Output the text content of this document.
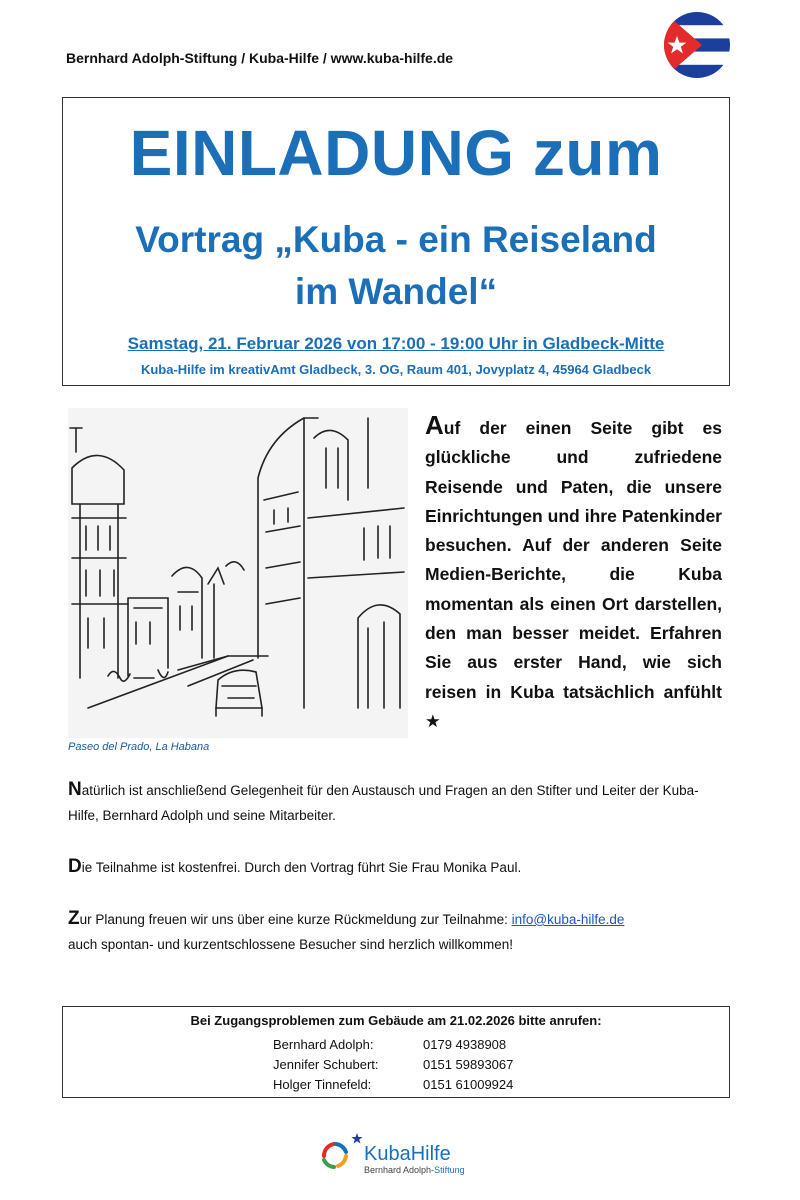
Bernhard Adolph-Stiftung / Kuba-Hilfe / www.kuba-hilfe.de
EINLADUNG zum
Vortrag „Kuba - ein Reiseland
im Wandel“
Samstag, 21. Februar 2026 von 17:00 - 19:00 Uhr in Gladbeck-Mitte
Kuba-Hilfe im kreativAmt Gladbeck, 3. OG, Raum 401, Jovyplatz 4, 45964 Gladbeck
Paseo del Prado, La Habana
Auf der einen Seite gibt es glückliche und zufriedene Reisende und Paten, die unsere Einrichtungen und ihre Patenkinder besuchen. Auf der anderen Seite Medien-Berichte, die Kuba momentan als einen Ort darstellen, den man besser meidet. Erfahren Sie aus erster Hand, wie sich reisen in Kuba tatsächlich anfühlt ★
Natürlich ist anschließend Gelegenheit für den Austausch und Fragen an den Stifter und Leiter der Kuba-Hilfe, Bernhard Adolph und seine Mitarbeiter.
Die Teilnahme ist kostenfrei. Durch den Vortrag führt Sie Frau Monika Paul.
Zur Planung freuen wir uns über eine kurze Rückmeldung zur Teilnahme: info@kuba-hilfe.de
auch spontan- und kurzentschlossene Besucher sind herzlich willkommen!
Bei Zugangsproblemen zum Gebäude am 21.02.2026 bitte anrufen:
Bernhard Adolph:	0179 4938908
Jennifer Schubert:	0151 59893067
Holger Tinnefeld:	0151 61009924
KubaHilfe
Bernhard Adolph-Stiftung
